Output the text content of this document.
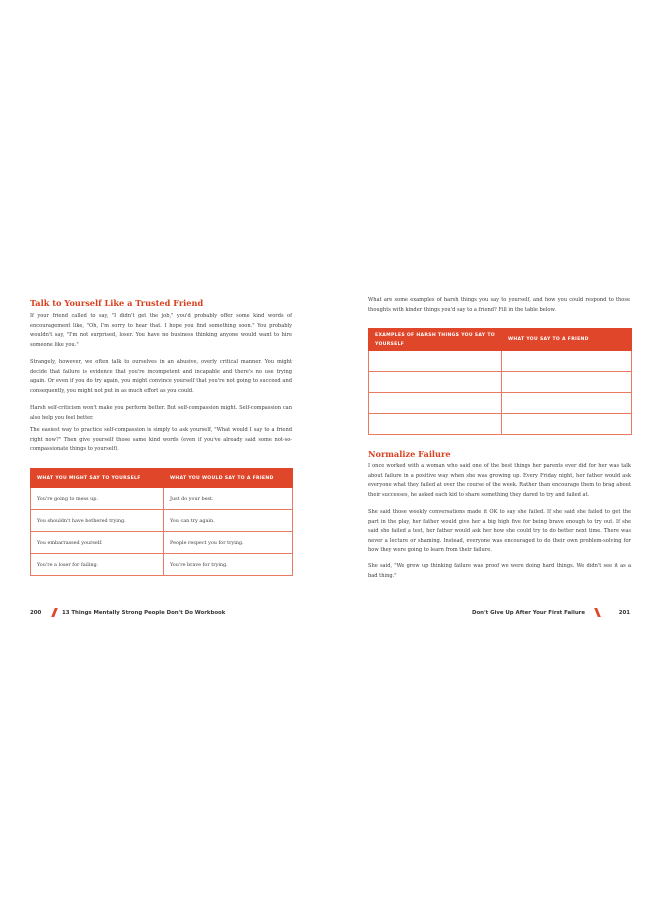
Talk to Yourself Like a Trusted Friend

If your friend called to say, "I didn't get the job," you'd probably offer some kind words of encouragement like, "Oh, I'm sorry to hear that. I hope you find something soon." You probably wouldn't say, "I'm not surprised, loser. You have no business thinking anyone would want to hire someone like you."

Strangely, however, we often talk to ourselves in an abusive, overly critical manner. You might decide that failure is evidence that you're incompetent and incapable and there's no use trying again. Or even if you do try again, you might convince yourself that you're not going to succeed and consequently, you might not put in as much effort as you could.

Harsh self-criticism won't make you perform better. But self-compassion might. Self-compassion can also help you feel better.

The easiest way to practice self-compassion is simply to ask yourself, "What would I say to a friend right now?" Then give yourself those same kind words (even if you've already said some not-so-compassionate things to yourself).

WHAT YOU MIGHT SAY TO YOURSELF	WHAT YOU WOULD SAY TO A FRIEND
You're going to mess up.	Just do your best.
You shouldn't have bothered trying.	You can try again.
You embarrassed yourself.	People respect you for trying.
You're a loser for failing.	You're brave for trying.
200	13 Things Mentally Strong People Don't Do Workbook

What are some examples of harsh things you say to yourself, and how you could respond to those thoughts with kinder things you'd say to a friend? Fill in the table below.

EXAMPLES OF HARSH THINGS YOU SAY TO YOURSELF	WHAT YOU SAY TO A FRIEND

Normalize Failure

I once worked with a woman who said one of the best things her parents ever did for her was talk about failure in a positive way when she was growing up. Every Friday night, her father would ask everyone what they failed at over the course of the week. Rather than encourage them to brag about their successes, he asked each kid to share something they dared to try and failed at.

She said those weekly conversations made it OK to say she failed. If she said she failed to get the part in the play, her father would give her a big high five for being brave enough to try out. If she said she failed a test, her father would ask her how she could try to do better next time. There was never a lecture or shaming. Instead, everyone was encouraged to do their own problem-solving for how they were going to learn from their failure.

She said, "We grew up thinking failure was proof we were doing hard things. We didn't see it as a bad thing."

Don't Give Up After Your First Failure	201
